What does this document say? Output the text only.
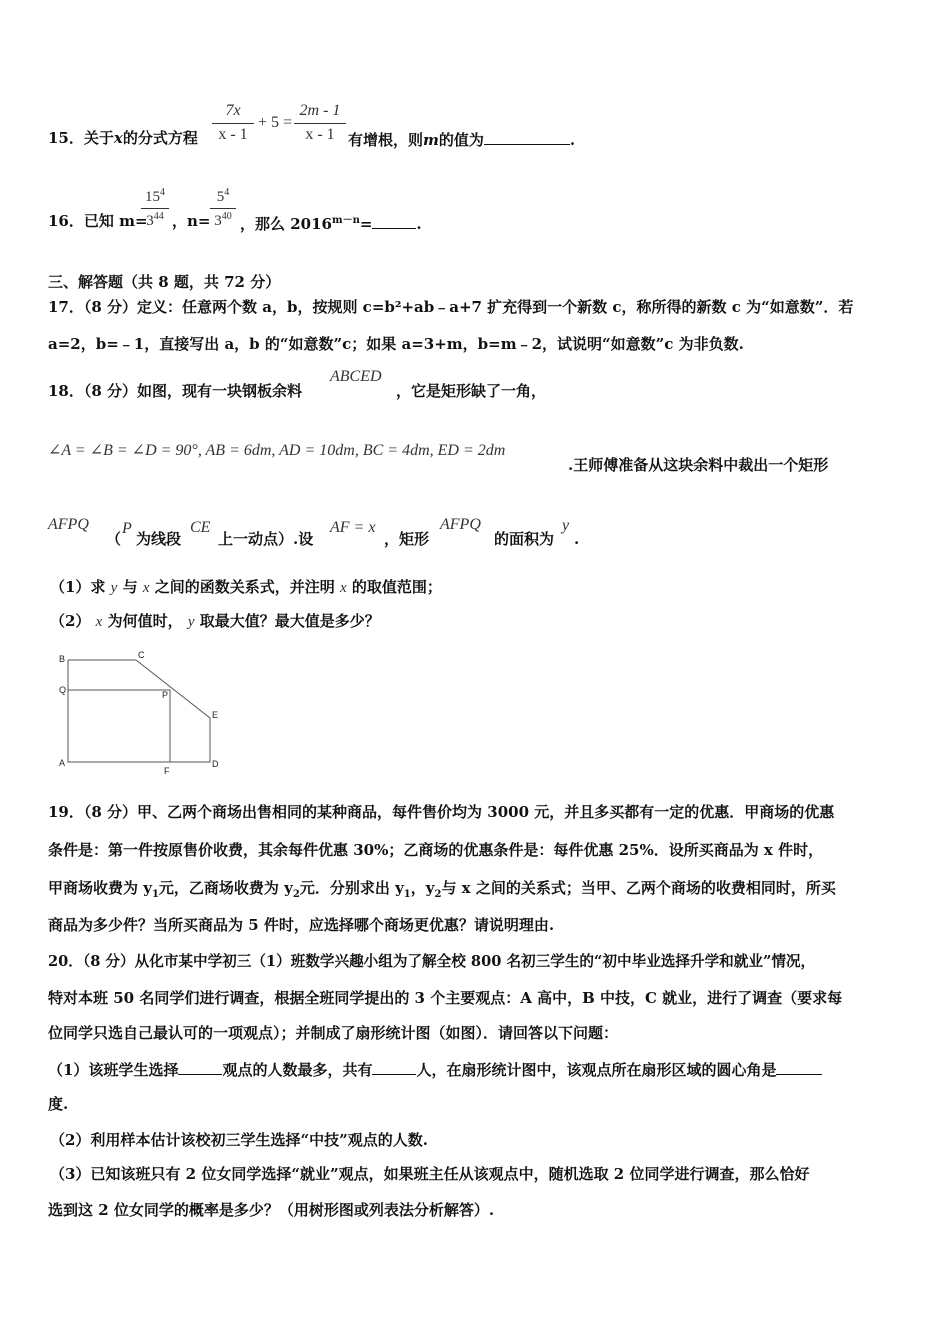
15．关于x的分式方程
7x
x - 1
+ 5 =
2m - 1
x - 1 有增根，则m的值为	.
16．已知 m=
$15^4$
$3^{44}$ ，n=
$5^4$
$3^{40}$ ，那么 $2016^{m-n}=$	.
三、解答题（共 8 题，共 72 分）
17．（8 分）定义：任意两个数 a，b，按规则 c=b²+ab﹣a+7 扩充得到一个新数 c，称所得的新数 c 为“如意数”．若
a=2，b=﹣1，直接写出 a，b 的“如意数”c；如果 a=3+m，b=m﹣2，试说明“如意数”c 为非负数.
18．（8 分）如图，现有一块钢板余料
ABCED
，它是矩形缺了一角，
∠A = ∠B = ∠D = 90°, AB = 6dm, AD = 10dm, BC = 4dm, ED = 2dm
.王师傅准备从这块余料中裁出一个矩形
AFPQ
（
P
为线段
CE
上一动点）.设
AF = x
，矩形
AFPQ
的面积为
y
.
（1）求 y 与 x 之间的函数关系式，并注明 x 的取值范围；
（2） x 为何值时， y 取最大值？最大值是多少？
B	C
Q	P
E
A
F
D
19．（8 分）甲、乙两个商场出售相同的某种商品，每件售价均为 3000 元，并且多买都有一定的优惠．甲商场的优惠
条件是：第一件按原售价收费，其余每件优惠 30%；乙商场的优惠条件是：每件优惠 25%．设所买商品为 x 件时，
甲商场收费为 $y_1$元，乙商场收费为 $y_2$元．分别求出 $y_1$，$y_2$与 x 之间的关系式；当甲、乙两个商场的收费相同时，所买
商品为多少件？当所买商品为 5 件时，应选择哪个商场更优惠？请说明理由.
20．（8 分）从化市某中学初三（1）班数学兴趣小组为了解全校 800 名初三学生的“初中毕业选择升学和就业”情况，
特对本班 50 名同学们进行调查，根据全班同学提出的 3 个主要观点：A 高中，B 中技，C 就业，进行了调查（要求每
位同学只选自己最认可的一项观点）；并制成了扇形统计图（如图）．请回答以下问题：
（1）该班学生选择	观点的人数最多，共有	人，在扇形统计图中，该观点所在扇形区域的圆心角是
度.
（2）利用样本估计该校初三学生选择“中技”观点的人数.
（3）已知该班只有 2 位女同学选择“就业”观点，如果班主任从该观点中，随机选取 2 位同学进行调查，那么恰好
选到这 2 位女同学的概率是多少？（用树形图或列表法分析解答）.
